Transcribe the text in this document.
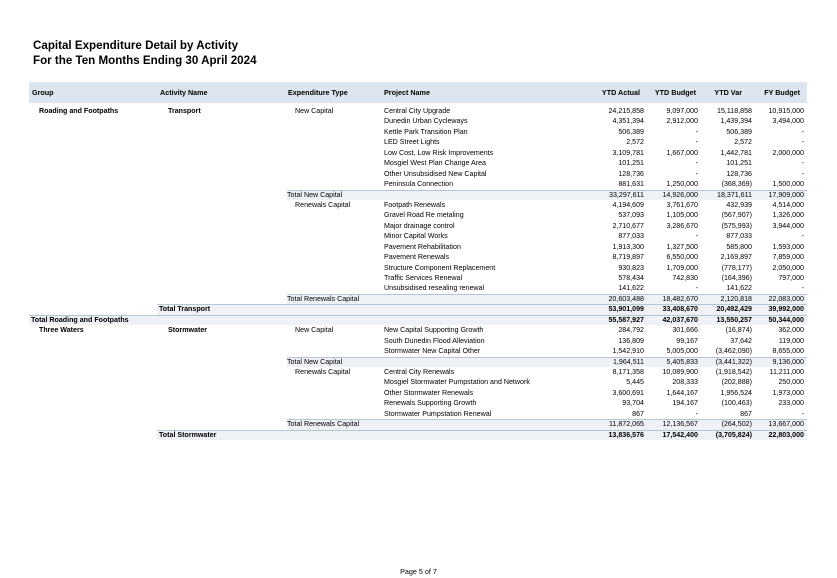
Capital Expenditure Detail by Activity
For the Ten Months Ending 30 April 2024
Group	Activity Name	Expenditure Type	Project Name	YTD Actual YTD Budget	YTD Var	FY Budget
Roading and Footpaths	Transport	New Capital	Central City Upgrade	24,215,858	9,097,000	15,118,858 10,915,000
Dunedin Urban Cycleways	4,351,394	2,912,000	1,439,394	3,494,000
Kettle Park Transition Plan	506,389	-	506,389	-
LED Street Lights	2,572	-	2,572	-
Low Cost, Low Risk Improvements	3,109,781	1,667,000	1,442,781	2,000,000
Mosgiel West Plan Change Area	101,251	-	101,251	-
Other Unsubsidised New Capital	128,736	-	128,736	-
Peninsula Connection	881,631	1,250,000	(368,369)	1,500,000
Total New Capital	33,297,611	14,926,000	18,371,611 17,909,000
Renewals Capital	Footpath Renewals	4,194,609	3,761,670	432,939	4,514,000
Gravel Road Re metaling	537,093	1,105,000	(567,907)	1,326,000
Major drainage control	2,710,677	3,286,670	(575,993)	3,944,000
Minor Capital Works	877,033	-	877,033	-
Pavement Rehabilitation	1,913,300	1,327,500	585,800	1,593,000
Pavement Renewals	8,719,897	6,550,000	2,169,897	7,859,000
Structure Component Replacement	930,823	1,709,000	(778,177)	2,050,000
Traffic Services Renewal	578,434	742,830	(164,396)	797,000
Unsubsidised resealing renewal	141,622	-	141,622	-
Total Renewals Capital	20,603,488	18,482,670	2,120,818 22,083,000
Total Transport	53,901,099	33,408,670	20,492,429 39,992,000
Total Roading and Footpaths	55,587,927	42,037,670	13,550,257 50,344,000
Three Waters	Stormwater	New Capital	New Capital Supporting Growth	284,792	301,666	(16,874)	362,000
South Dunedin Flood Alleviation	136,809	99,167	37,642	119,000
Stormwater New Capital Other	1,542,910	5,005,000 (3,462,090)	8,655,000
Total New Capital	1,964,511	5,405,833 (3,441,322)	9,136,000
Renewals Capital	Central City Renewals	8,171,358	10,089,900 (1,918,542) 11,211,000
Mosgiel Stormwater Pumpstation and Network	5,445	208,333	(202,888)	250,000
Other Stormwater Renewals	3,600,691	1,644,167	1,956,524	1,973,000
Renewals Supporting Growth	93,704	194,167	(100,463)	233,000
Stormwater Pumpstation Renewal	867	-	867	-
Total Renewals Capital	11,872,065	12,136,567	(264,502) 13,667,000
Total Stormwater	13,836,576	17,542,400 (3,705,824) 22,803,000
Page 5 of 7
